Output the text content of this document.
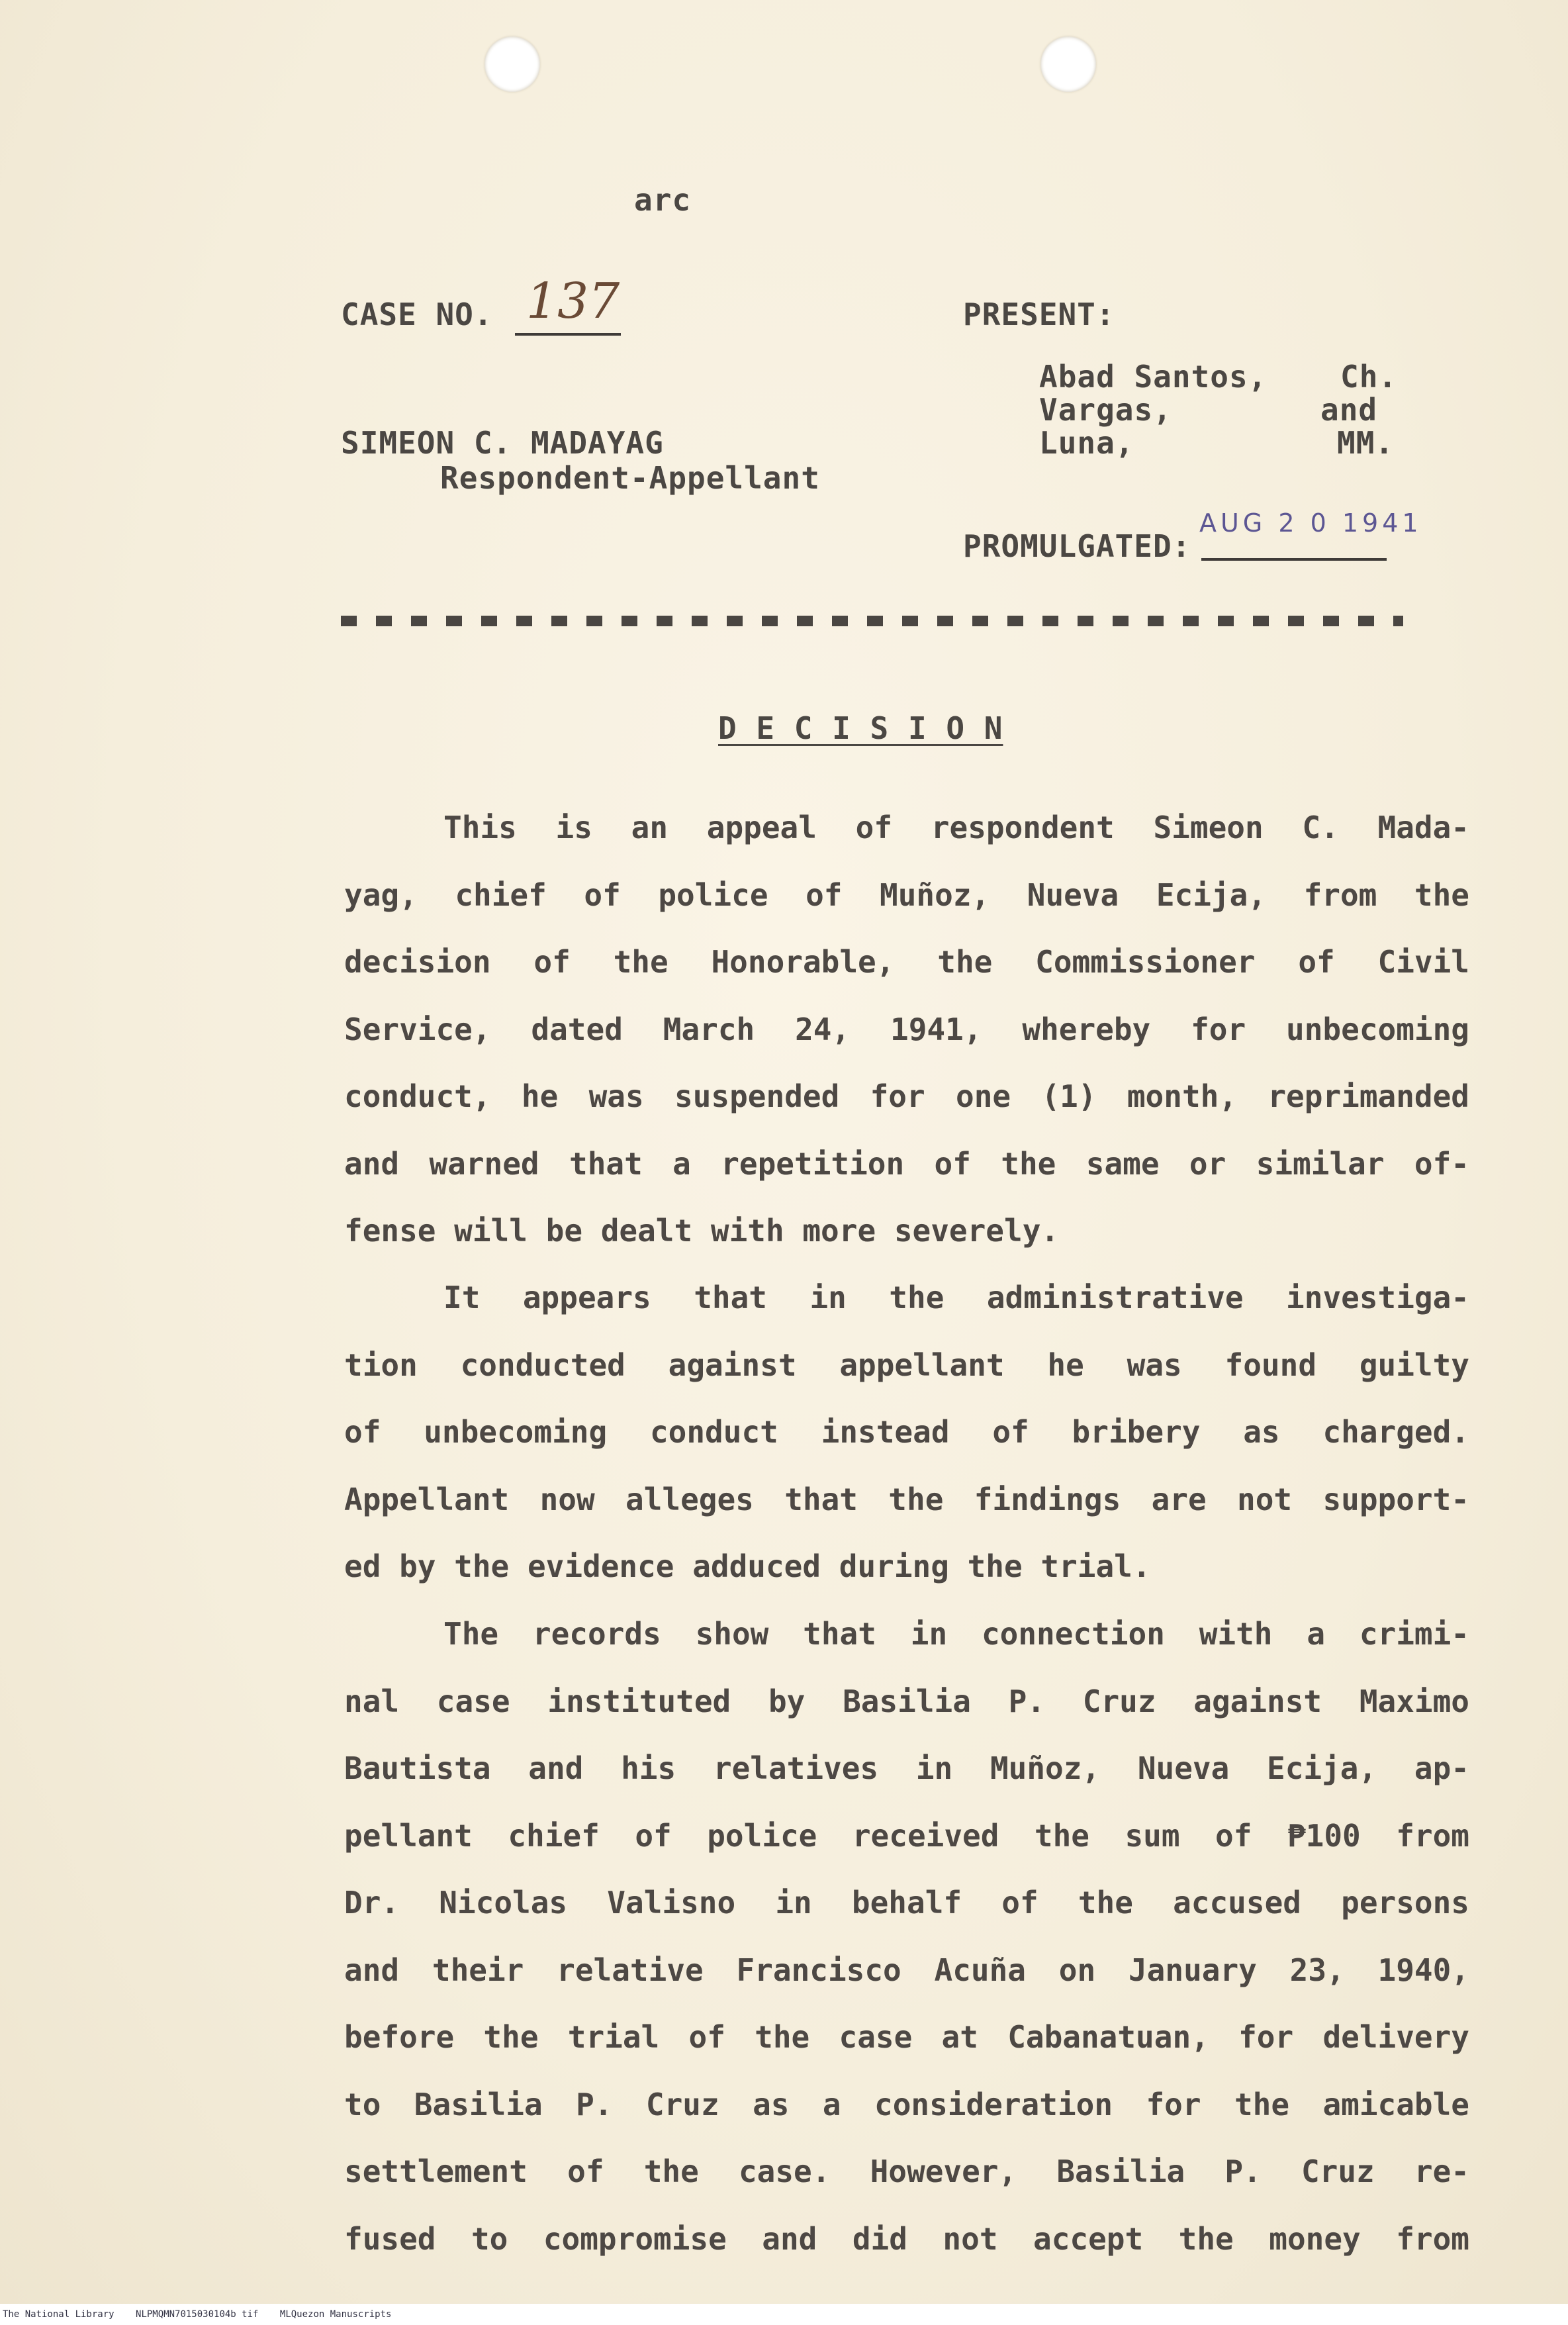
arc
CASE NO. 137	PRESENT:
Abad Santos, Ch.
Vargas,	and
Luna,	MM.
SIMEON C. MADAYAG
Respondent-Appellant
PROMULGATED:
AUG 2 0 1941
D E C I S I O N
This is an appeal of respondent Simeon C. Mada-
yag, chief of police of Muñoz, Nueva Ecija, from the
decision of the Honorable, the Commissioner of Civil
Service, dated March 24, 1941, whereby for unbecoming
conduct, he was suspended for one (1) month, reprimanded
and warned that a repetition of the same or similar of-
fense will be dealt with more severely.
It appears that in the administrative investiga-
tion conducted against appellant he was found guilty
of unbecoming conduct instead of bribery as charged.
Appellant now alleges that the findings are not support-
ed by the evidence adduced during the trial.
The records show that in connection with a crimi-
nal case instituted by Basilia P. Cruz against Maximo
Bautista and his relatives in Muñoz, Nueva Ecija, ap-
pellant chief of police received the sum of ₱100 from
Dr. Nicolas Valisno in behalf of the accused persons
and their relative Francisco Acuña on January 23, 1940,
before the trial of the case at Cabanatuan, for delivery
to Basilia P. Cruz as a consideration for the amicable
settlement of the case. However, Basilia P. Cruz re-
fused to compromise and did not accept the money from
The National Library NLPMQMN7015030104b tif MLQuezon Manuscripts
